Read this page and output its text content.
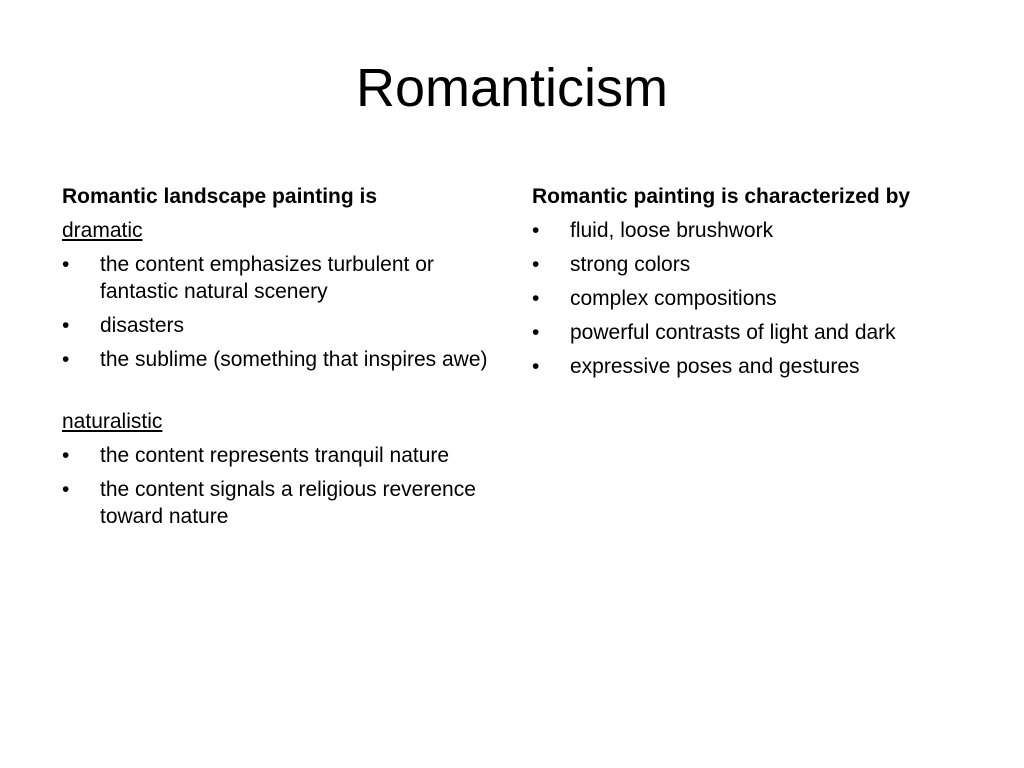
Romanticism
Romantic landscape painting is
dramatic
•	the content emphasizes turbulent or fantastic natural scenery
•	disasters
•	the sublime (something that inspires awe)
naturalistic
•	the content represents tranquil nature
•	the content signals a religious reverence toward nature
Romantic painting is characterized by
•	fluid, loose brushwork
•	strong colors
•	complex compositions
•	powerful contrasts of light and dark
•	expressive poses and gestures
